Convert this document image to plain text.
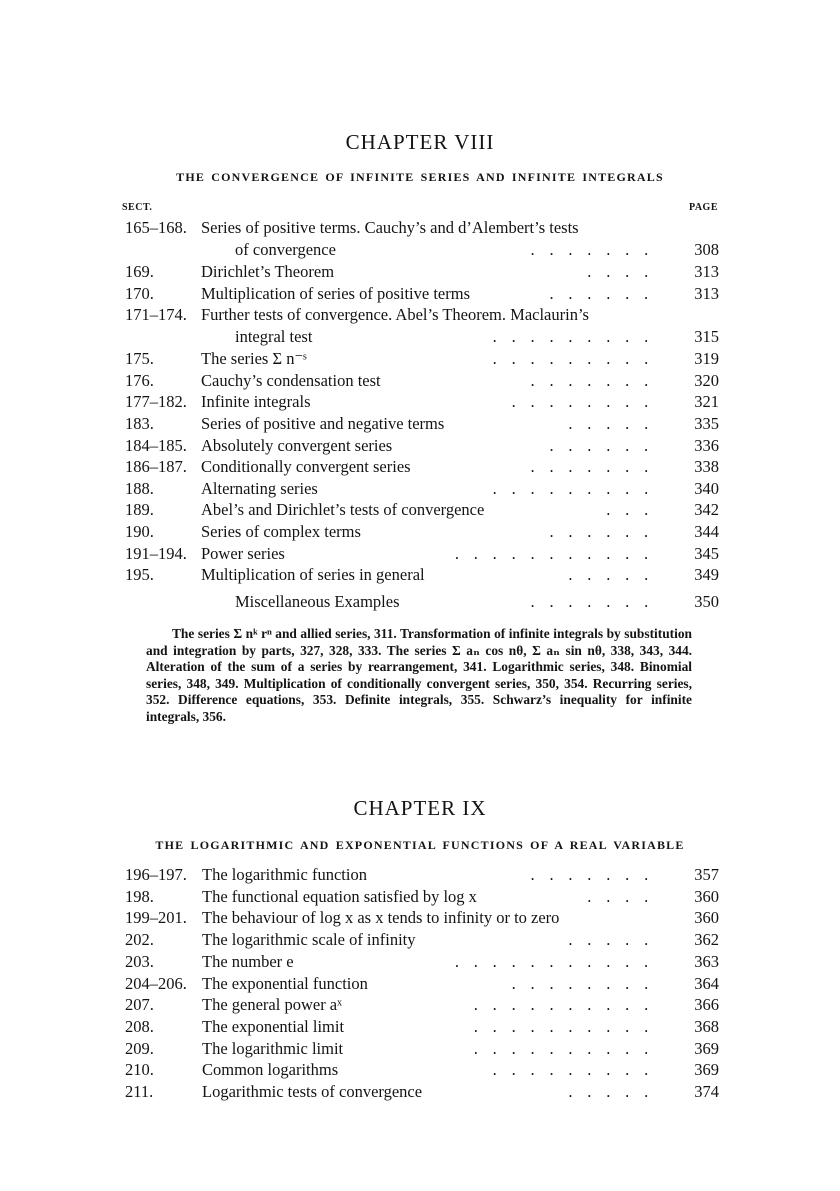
CHAPTER VIII
THE CONVERGENCE OF INFINITE SERIES AND INFINITE INTEGRALS
SECT.	PAGE
165–168. Series of positive terms. Cauchy’s and d’Alembert’s tests
of convergence	....... 308
169.	Dirichlet’s Theorem	.... 313
170.	Multiplication of series of positive terms	...... 313
171–174. Further tests of convergence. Abel’s Theorem. Maclaurin’s
integral test	......... 315
175.	The series Σ n⁻ˢ	......... 319
176.	Cauchy’s condensation test	....... 320
177–182. Infinite integrals	........ 321
183.	Series of positive and negative terms	..... 335
184–185. Absolutely convergent series	...... 336
186–187. Conditionally convergent series	....... 338
188.	Alternating series	......... 340
189.	Abel’s and Dirichlet’s tests of convergence	... 342
190.	Series of complex terms	...... 344
191–194. Power series	........... 345
195.	Multiplication of series in general	..... 349
Miscellaneous Examples	....... 350
The series Σ nᵏ rⁿ and allied series, 311. Transformation of infinite integrals by substitution and integration by parts, 327, 328, 333. The series Σ aₙ cos nθ, Σ aₙ sin nθ, 338, 343, 344. Alteration of the sum of a series by rearrangement, 341. Logarithmic series, 348. Binomial series, 348, 349. Multiplication of conditionally convergent series, 350, 354. Recurring series, 352. Difference equations, 353. Definite integrals, 355. Schwarz’s inequality for infinite integrals, 356.
CHAPTER IX
THE LOGARITHMIC AND EXPONENTIAL FUNCTIONS OF A REAL VARIABLE
196–197. The logarithmic function	....... 357
198.	The functional equation satisfied by log x	.... 360
199–201. The behaviour of log x as x tends to infinity or to zero	360
202.	The logarithmic scale of infinity	..... 362
203.	The number e	........... 363
204–206. The exponential function	........ 364
207.	The general power aˣ	.......... 366
208.	The exponential limit	.......... 368
209.	The logarithmic limit	.......... 369
210.	Common logarithms	......... 369
211.	Logarithmic tests of convergence	..... 374
